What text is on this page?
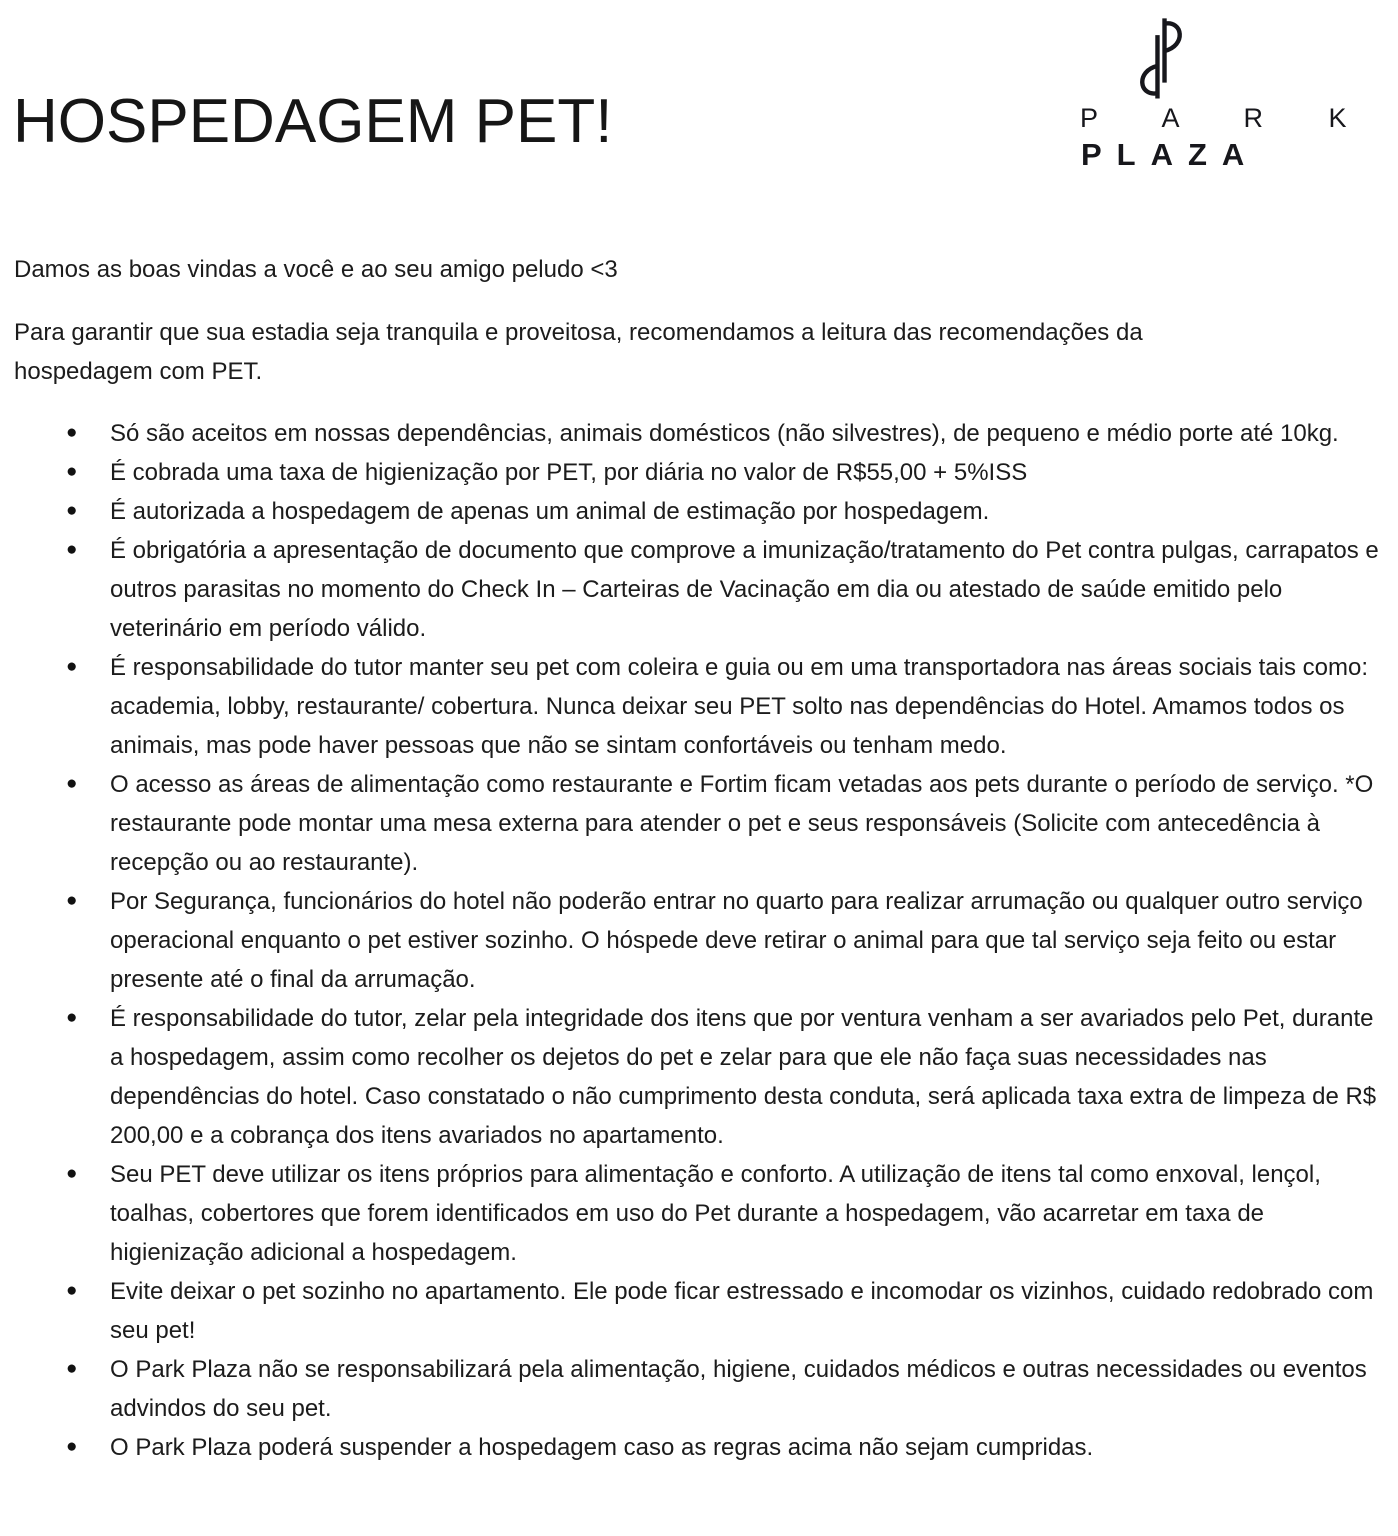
HOSPEDAGEM PET!	P A R K
PLAZA

Damos as boas vindas a você e ao seu amigo peludo <3

Para garantir que sua estadia seja tranquila e proveitosa, recomendamos a leitura das recomendações da hospedagem com PET.

● Só são aceitos em nossas dependências, animais domésticos (não silvestres), de pequeno e médio porte até 10kg.
● É cobrada uma taxa de higienização por PET, por diária no valor de R$55,00 + 5%ISS
● É autorizada a hospedagem de apenas um animal de estimação por hospedagem.
● É obrigatória a apresentação de documento que comprove a imunização/tratamento do Pet contra pulgas, carrapatos e outros parasitas no momento do Check In – Carteiras de Vacinação em dia ou atestado de saúde emitido pelo veterinário em período válido.
● É responsabilidade do tutor manter seu pet com coleira e guia ou em uma transportadora nas áreas sociais tais como: academia, lobby, restaurante/ cobertura. Nunca deixar seu PET solto nas dependências do Hotel. Amamos todos os animais, mas pode haver pessoas que não se sintam confortáveis ou tenham medo.
● O acesso as áreas de alimentação como restaurante e Fortim ficam vetadas aos pets durante o período de serviço. *O restaurante pode montar uma mesa externa para atender o pet e seus responsáveis (Solicite com antecedência à recepção ou ao restaurante).
● Por Segurança, funcionários do hotel não poderão entrar no quarto para realizar arrumação ou qualquer outro serviço operacional enquanto o pet estiver sozinho. O hóspede deve retirar o animal para que tal serviço seja feito ou estar presente até o final da arrumação.
● É responsabilidade do tutor, zelar pela integridade dos itens que por ventura venham a ser avariados pelo Pet, durante a hospedagem, assim como recolher os dejetos do pet e zelar para que ele não faça suas necessidades nas dependências do hotel. Caso constatado o não cumprimento desta conduta, será aplicada taxa extra de limpeza de R$ 200,00 e a cobrança dos itens avariados no apartamento.
● Seu PET deve utilizar os itens próprios para alimentação e conforto. A utilização de itens tal como enxoval, lençol, toalhas, cobertores que forem identificados em uso do Pet durante a hospedagem, vão acarretar em taxa de higienização adicional a hospedagem.
● Evite deixar o pet sozinho no apartamento. Ele pode ficar estressado e incomodar os vizinhos, cuidado redobrado com seu pet!
● O Park Plaza não se responsabilizará pela alimentação, higiene, cuidados médicos e outras necessidades ou eventos advindos do seu pet.
● O Park Plaza poderá suspender a hospedagem caso as regras acima não sejam cumpridas.
